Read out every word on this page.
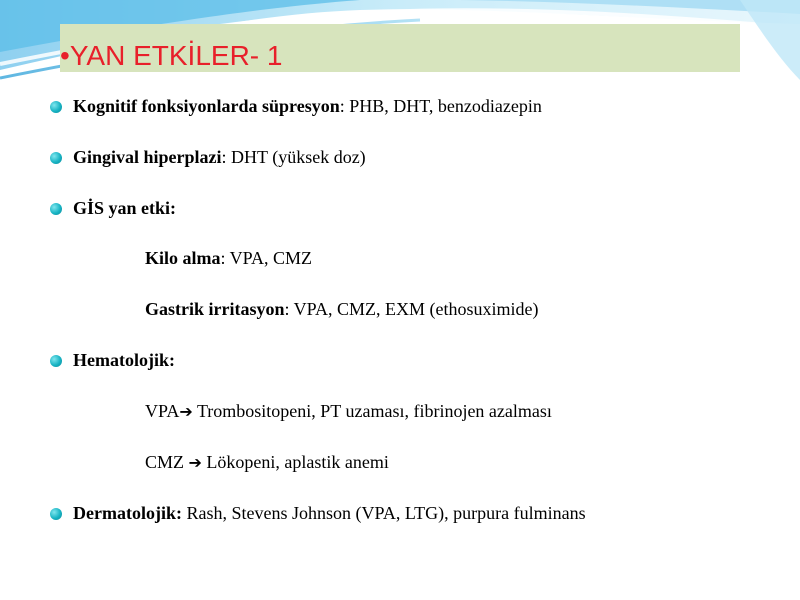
•YAN ETKİLER- 1
Kognitif fonksiyonlarda süpresyon: PHB, DHT, benzodiazepin
Gingival hiperplazi: DHT (yüksek doz)
GİS yan etki:
Kilo alma: VPA, CMZ
Gastrik irritasyon: VPA, CMZ, EXM (ethosuximide)
Hematolojik:
VPA➔ Trombositopeni, PT uzaması, fibrinojen azalması
CMZ ➔ Lökopeni, aplastik anemi
Dermatolojik: Rash, Stevens Johnson (VPA, LTG), purpura fulminans
